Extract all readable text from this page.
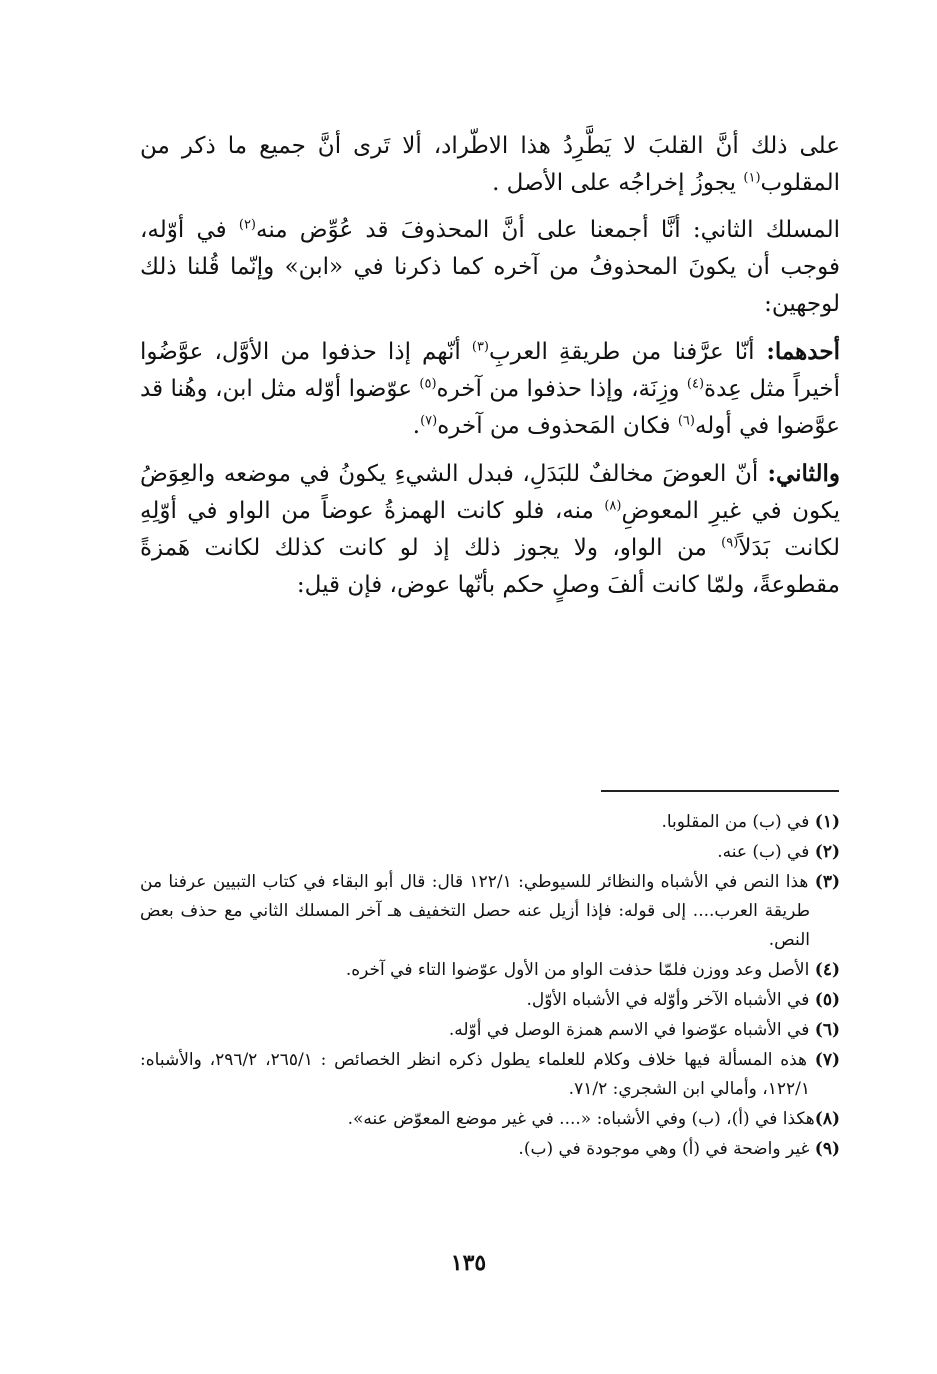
على ذلك أنَّ القلبَ لا يَطَّرِدُ هذا الاطّراد، ألا تَرى أنَّ جميع ما ذكر من المقلوب$^{(١)}$ يجوزُ إخراجُه على الأصل .

المسلك الثاني: أنَّا أجمعنا على أنَّ المحذوفَ قد عُوِّض منه$^{(٢)}$ في أوّله، فوجب أن يكونَ المحذوفُ من آخره كما ذكرنا في «ابن» وإنّما قُلنا ذلك لوجهين:

أحدهما: أنّا عرَّفنا من طريقةِ العربِ$^{(٣)}$ أنّهم إذا حذفوا من الأوَّل، عوَّضُوا أخيراً مثل عِدة$^{(٤)}$ وزِنَة، وإذا حذفوا من آخره$^{(٥)}$ عوّضوا أوّله مثل ابن، وهُنا قد عوَّضوا في أوله$^{(٦)}$ فكان المَحذوف من آخره$^{(٧)}$.

والثاني: أنّ العوضَ مخالفٌ للبَدَلِ، فبدل الشيءِ يكونُ في موضعه والعِوَضُ يكون في غيرِ المعوضِ$^{(٨)}$ منه، فلو كانت الهمزةُ عوضاً من الواو في أوّلِهِ لكانت بَدَلاً$^{(٩)}$ من الواو، ولا يجوز ذلك إذ لو كانت كذلك لكانت هَمزةً مقطوعةً، ولمّا كانت ألفَ وصلٍ حكم بأنّها عوض، فإن قيل:

(١) في (ب) من المقلوبا.

(٢) في (ب) عنه.

(٣) هذا النص في الأشباه والنظائر للسيوطي: ١٢٢/١ قال: قال أبو البقاء في كتاب التبيين عرفنا من طريقة العرب.... إلى قوله: فإذا أزيل عنه حصل التخفيف هـ آخر المسلك الثاني مع حذف بعض النص.

(٤) الأصل وعد ووزن فلمّا حذفت الواو من الأول عوّضوا التاء في آخره.

(٥) في الأشباه الآخر وأوّله في الأشباه الأوّل.

(٦) في الأشباه عوّضوا في الاسم همزة الوصل في أوّله.

(٧) هذه المسألة فيها خلاف وكلام للعلماء يطول ذكره انظر الخصائص : ٢٦٥/١، ٢٩٦/٢، والأشباه: ١٢٢/١، وأمالي ابن الشجري: ٧١/٢.

(٨)هكذا في (أ)، (ب) وفي الأشباه: «.... في غير موضع المعوّض عنه».

(٩) غير واضحة في (أ) وهي موجودة في (ب).

١٣٥
